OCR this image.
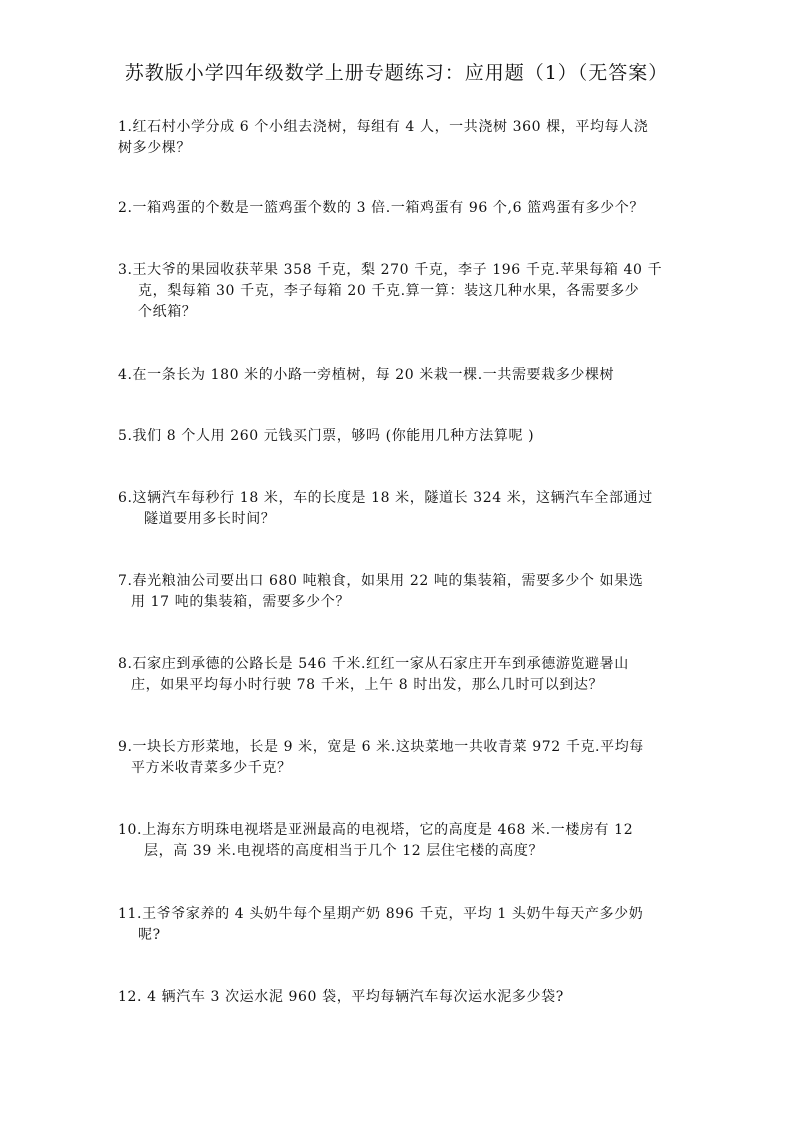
苏教版小学四年级数学上册专题练习：应用题（1）（无答案）

1.红石村小学分成 6 个小组去浇树，每组有 4 人，一共浇树 360 棵，平均每人浇
树多少棵？

2.一箱鸡蛋的个数是一篮鸡蛋个数的 3 倍.一箱鸡蛋有 96 个,6 篮鸡蛋有多少个？

3.王大爷的果园收获苹果 358 千克，梨 270 千克，李子 196 千克.苹果每箱 40 千
克，梨每箱 30 千克，李子每箱 20 千克.算一算：装这几种水果，各需要多少
个纸箱？

4.在一条长为 180 米的小路一旁植树，每 20 米栽一棵.一共需要栽多少棵树

5.我们 8 个人用 260 元钱买门票，够吗 (你能用几种方法算呢 )

6.这辆汽车每秒行 18 米，车的长度是 18 米，隧道长 324 米，这辆汽车全部通过
隧道要用多长时间？

7.春光粮油公司要出口 680 吨粮食，如果用 22 吨的集装箱，需要多少个 如果选
用 17 吨的集装箱，需要多少个？

8.石家庄到承德的公路长是 546 千米.红红一家从石家庄开车到承德游览避暑山
庄，如果平均每小时行驶 78 千米，上午 8 时出发，那么几时可以到达？

9.一块长方形菜地，长是 9 米，宽是 6 米.这块菜地一共收青菜 972 千克.平均每
平方米收青菜多少千克？

10.上海东方明珠电视塔是亚洲最高的电视塔，它的高度是 468 米.一楼房有 12
层，高 39 米.电视塔的高度相当于几个 12 层住宅楼的高度？

11.王爷爷家养的 4 头奶牛每个星期产奶 896 千克，平均 1 头奶牛每天产多少奶
呢?

12. 4 辆汽车 3 次运水泥 960 袋，平均每辆汽车每次运水泥多少袋?
